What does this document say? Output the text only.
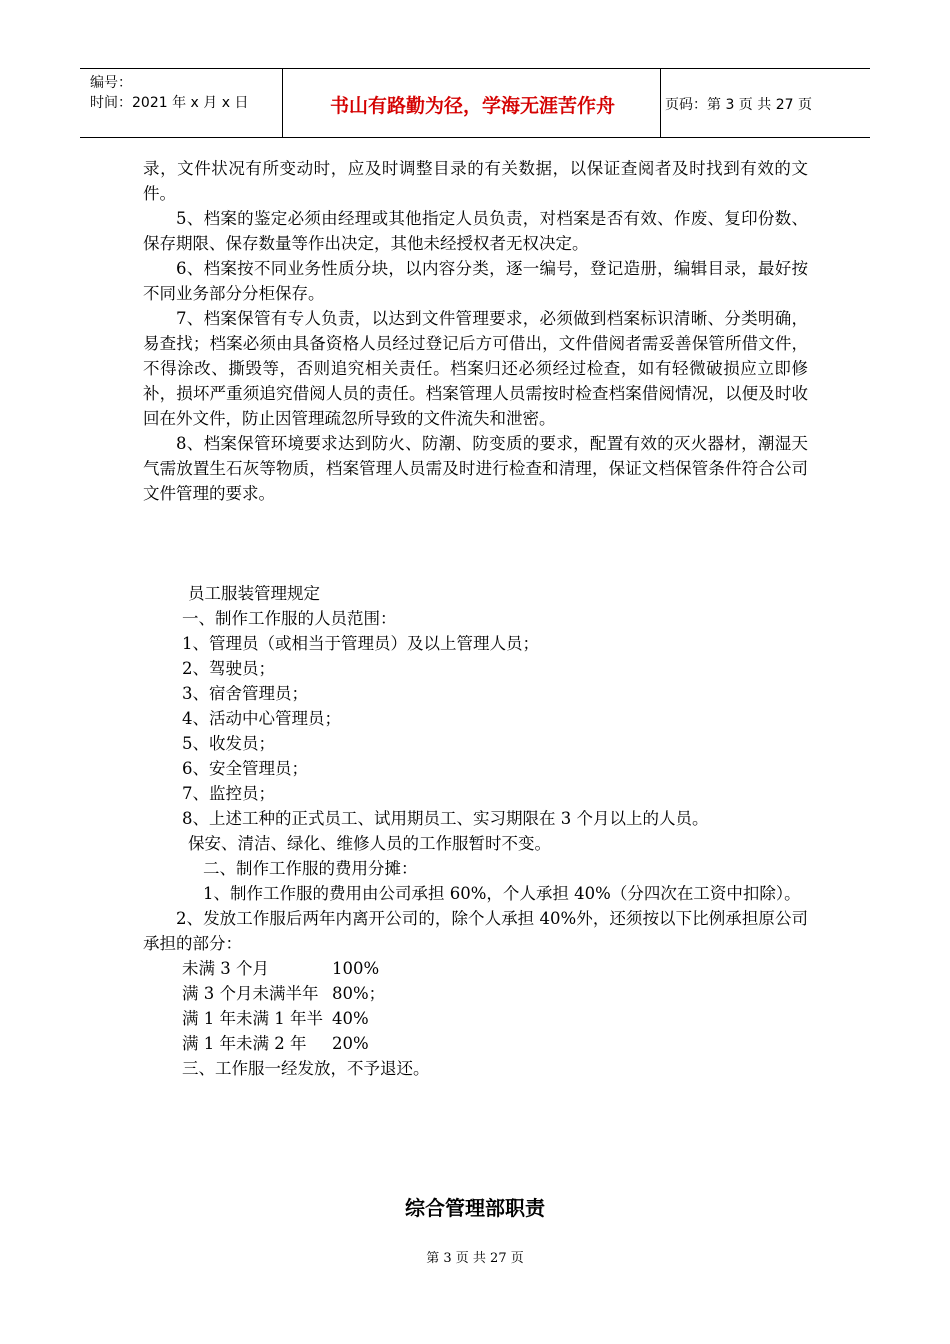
编号：
时间：2021 年 x 月 x 日	书山有路勤为径，学海无涯苦作舟	页码：第 3 页 共 27 页

录，文件状况有所变动时，应及时调整目录的有关数据，以保证查阅者及时找到有效的文件。

5、档案的鉴定必须由经理或其他指定人员负责，对档案是否有效、作废、复印份数、保存期限、保存数量等作出决定，其他未经授权者无权决定。

6、档案按不同业务性质分块，以内容分类，逐一编号，登记造册，编辑目录，最好按不同业务部分分柜保存。

7、档案保管有专人负责，以达到文件管理要求，必须做到档案标识清晰、分类明确，易查找；档案必须由具备资格人员经过登记后方可借出，文件借阅者需妥善保管所借文件，不得涂改、撕毁等，否则追究相关责任。档案归还必须经过检查，如有轻微破损应立即修补，损坏严重须追究借阅人员的责任。档案管理人员需按时检查档案借阅情况，以便及时收回在外文件，防止因管理疏忽所导致的文件流失和泄密。

8、档案保管环境要求达到防火、防潮、防变质的要求，配置有效的灭火器材，潮湿天气需放置生石灰等物质，档案管理人员需及时进行检查和清理，保证文档保管条件符合公司文件管理的要求。

员工服装管理规定

一、制作工作服的人员范围：

1、管理员（或相当于管理员）及以上管理人员；

2、驾驶员；

3、宿舍管理员；

4、活动中心管理员；

5、收发员；

6、安全管理员；

7、监控员；

8、上述工种的正式员工、试用期员工、实习期限在 3 个月以上的人员。

保安、清洁、绿化、维修人员的工作服暂时不变。

二、制作工作服的费用分摊：

1、制作工作服的费用由公司承担 60%，个人承担 40%（分四次在工资中扣除）。

2、发放工作服后两年内离开公司的，除个人承担 40%外，还须按以下比例承担原公司承担的部分：

未满 3 个月	100%
满 3 个月未满半年 80%；
满 1 年未满 1 年半 40%
满 1 年未满 2 年 20%

三、工作服一经发放，不予退还。

综合管理部职责
第 3 页 共 27 页
